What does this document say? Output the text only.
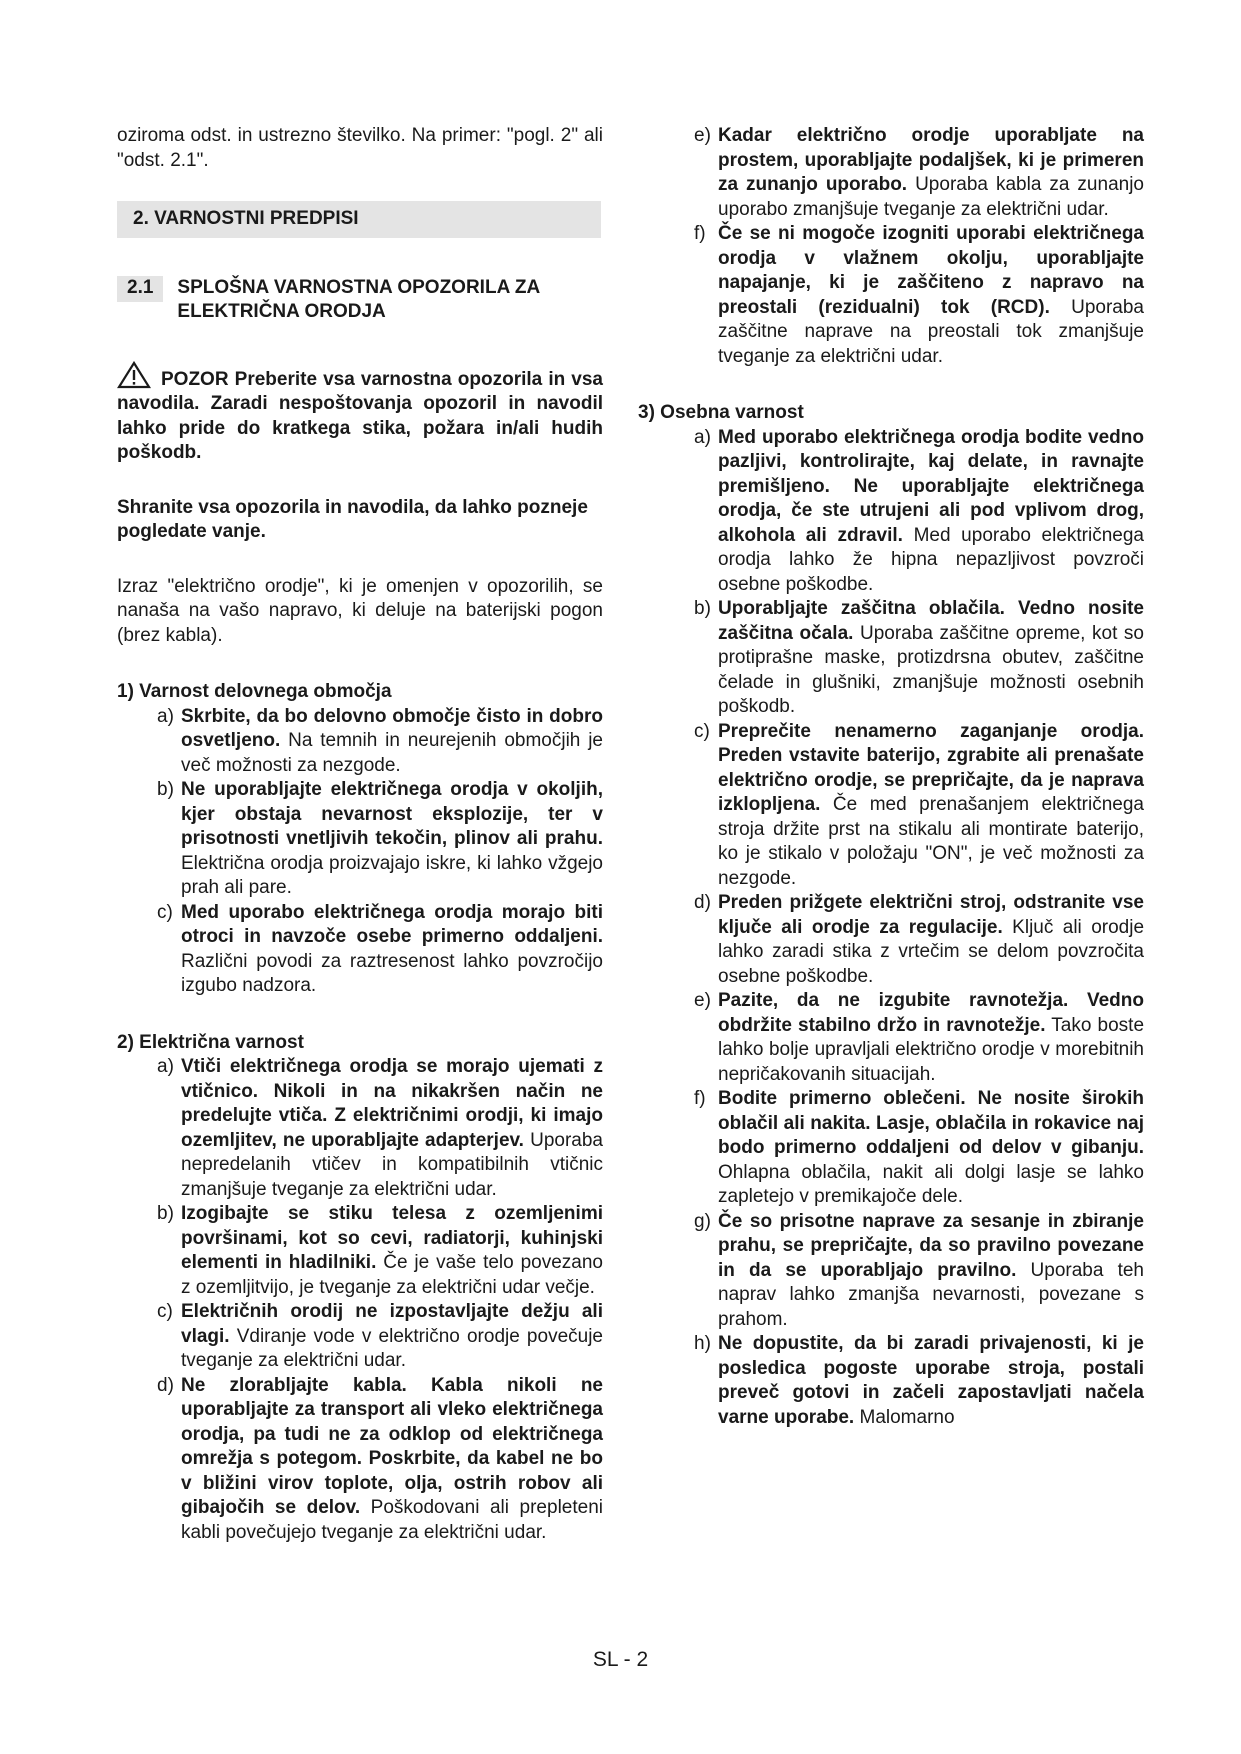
oziroma odst. in ustrezno številko. Na primer: "pogl. 2" ali "odst. 2.1".

2. VARNOSTNI PREDPISI
2.1	SPLOŠNA VARNOSTNA OPOZORILA ZA ELEKTRIČNA ORODJA

POZOR Preberite vsa varnostna opozorila in vsa navodila. Zaradi nespoštovanja opozoril in navodil lahko pride do kratkega stika, požara in/ali hudih poškodb.

Shranite vsa opozorila in navodila, da lahko pozneje pogledate vanje.

Izraz "električno orodje", ki je omenjen v opozorilih, se nanaša na vašo napravo, ki deluje na baterijski pogon (brez kabla).

1) Varnost delovnega območja

a) Skrbite, da bo delovno območje čisto in dobro osvetljeno. Na temnih in neurejenih območjih je več možnosti za nezgode.

b) Ne uporabljajte električnega orodja v okoljih, kjer obstaja nevarnost eksplozije, ter v prisotnosti vnetljivih tekočin, plinov ali prahu. Električna orodja proizvajajo iskre, ki lahko vžgejo prah ali pare.

c) Med uporabo električnega orodja morajo biti otroci in navzoče osebe primerno oddaljeni. Različni povodi za raztresenost lahko povzročijo izgubo nadzora.

2) Električna varnost

a) Vtiči električnega orodja se morajo ujemati z vtičnico. Nikoli in na nikakršen način ne predelujte vtiča. Z električnimi orodji, ki imajo ozemljitev, ne uporabljajte adapterjev. Uporaba nepredelanih vtičev in kompatibilnih vtičnic zmanjšuje tveganje za električni udar.

b) Izogibajte se stiku telesa z ozemljenimi površinami, kot so cevi, radiatorji, kuhinjski elementi in hladilniki. Če je vaše telo povezano z ozemljitvijo, je tveganje za električni udar večje.

c) Električnih orodij ne izpostavljajte dežju ali vlagi. Vdiranje vode v električno orodje povečuje tveganje za električni udar.

d) Ne zlorabljajte kabla. Kabla nikoli ne uporabljajte za transport ali vleko električnega orodja, pa tudi ne za odklop od električnega omrežja s potegom. Poskrbite, da kabel ne bo v bližini virov toplote, olja, ostrih robov ali gibajočih se delov. Poškodovani ali prepleteni kabli povečujejo tveganje za električni udar.

e) Kadar električno orodje uporabljate na prostem, uporabljajte podaljšek, ki je primeren za zunanjo uporabo. Uporaba kabla za zunanjo uporabo zmanjšuje tveganje za električni udar.

f) Če se ni mogoče izogniti uporabi električnega orodja v vlažnem okolju, uporabljajte napajanje, ki je zaščiteno z napravo na preostali (rezidualni) tok (RCD). Uporaba zaščitne naprave na preostali tok zmanjšuje tveganje za električni udar.

3) Osebna varnost

a) Med uporabo električnega orodja bodite vedno pazljivi, kontrolirajte, kaj delate, in ravnajte premišljeno. Ne uporabljajte električnega orodja, če ste utrujeni ali pod vplivom drog, alkohola ali zdravil. Med uporabo električnega orodja lahko že hipna nepazljivost povzroči osebne poškodbe.

b) Uporabljajte zaščitna oblačila. Vedno nosite zaščitna očala. Uporaba zaščitne opreme, kot so protiprašne maske, protizdrsna obutev, zaščitne čelade in glušniki, zmanjšuje možnosti osebnih poškodb.

c) Preprečite nenamerno zaganjanje orodja. Preden vstavite baterijo, zgrabite ali prenašate električno orodje, se prepričajte, da je naprava izklopljena. Če med prenašanjem električnega stroja držite prst na stikalu ali montirate baterijo, ko je stikalo v položaju "ON", je več možnosti za nezgode.

d) Preden prižgete električni stroj, odstranite vse ključe ali orodje za regulacije. Ključ ali orodje lahko zaradi stika z vrtečim se delom povzročita osebne poškodbe.

e) Pazite, da ne izgubite ravnotežja. Vedno obdržite stabilno držo in ravnotežje. Tako boste lahko bolje upravljali električno orodje v morebitnih nepričakovanih situacijah.

f) Bodite primerno oblečeni. Ne nosite širokih oblačil ali nakita. Lasje, oblačila in rokavice naj bodo primerno oddaljeni od delov v gibanju. Ohlapna oblačila, nakit ali dolgi lasje se lahko zapletejo v premikajoče dele.

g) Če so prisotne naprave za sesanje in zbiranje prahu, se prepričajte, da so pravilno povezane in da se uporabljajo pravilno. Uporaba teh naprav lahko zmanjša nevarnosti, povezane s prahom.

h) Ne dopustite, da bi zaradi privajenosti, ki je posledica pogoste uporabe stroja, postali preveč gotovi in začeli zapostavljati načela varne uporabe. Malomarno

SL - 2
